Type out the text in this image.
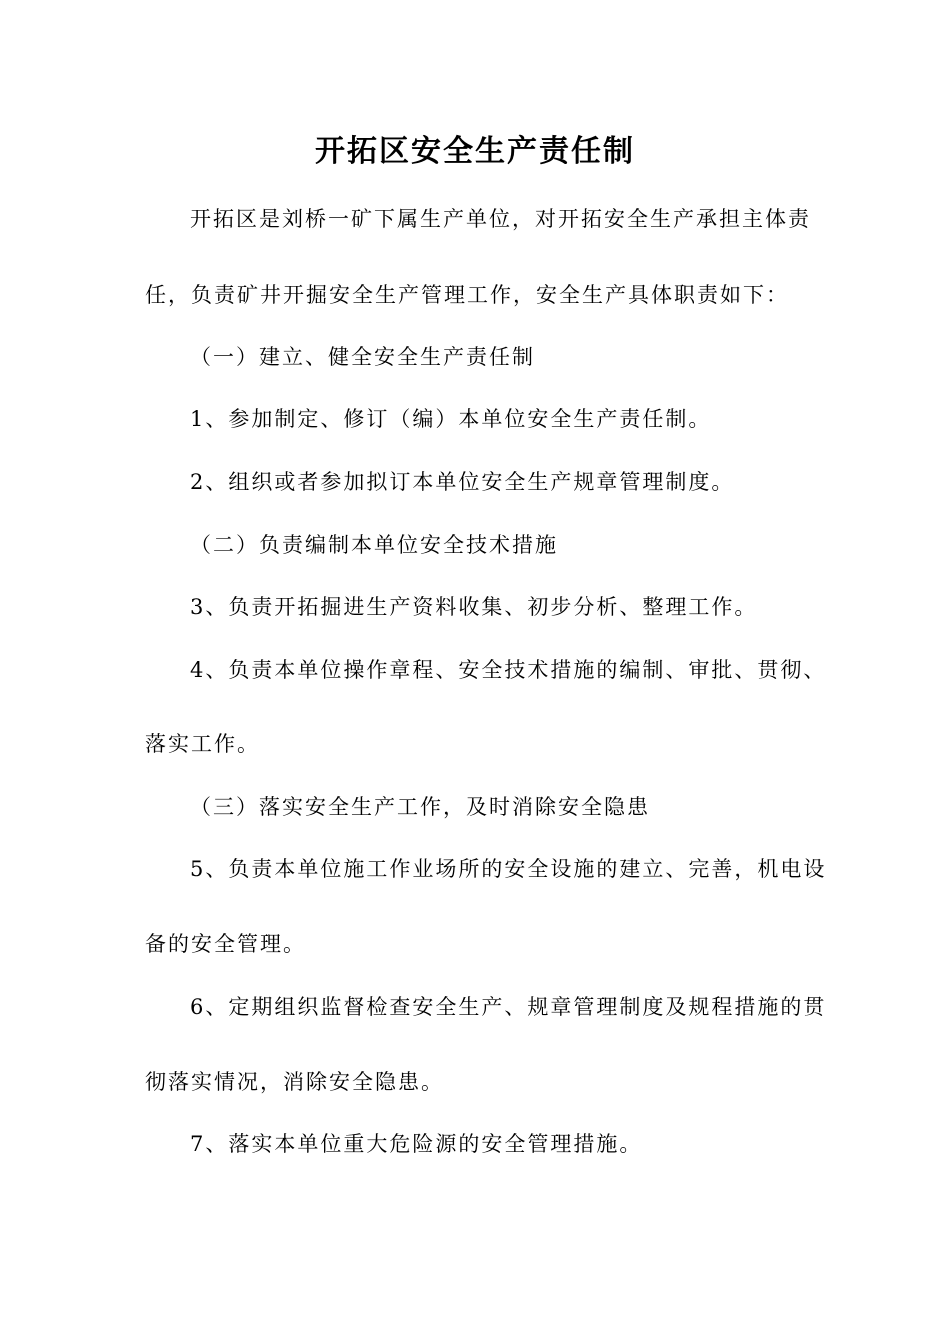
开拓区安全生产责任制
开拓区是刘桥一矿下属生产单位，对开拓安全生产承担主体责
任，负责矿井开掘安全生产管理工作，安全生产具体职责如下：
（一）建立、健全安全生产责任制
1、参加制定、修订（编）本单位安全生产责任制。
2、组织或者参加拟订本单位安全生产规章管理制度。
（二）负责编制本单位安全技术措施
3、负责开拓掘进生产资料收集、初步分析、整理工作。
4、负责本单位操作章程、安全技术措施的编制、审批、贯彻、
落实工作。
（三）落实安全生产工作，及时消除安全隐患
5、负责本单位施工作业场所的安全设施的建立、完善，机电设
备的安全管理。
6、定期组织监督检查安全生产、规章管理制度及规程措施的贯
彻落实情况，消除安全隐患。
7、落实本单位重大危险源的安全管理措施。
